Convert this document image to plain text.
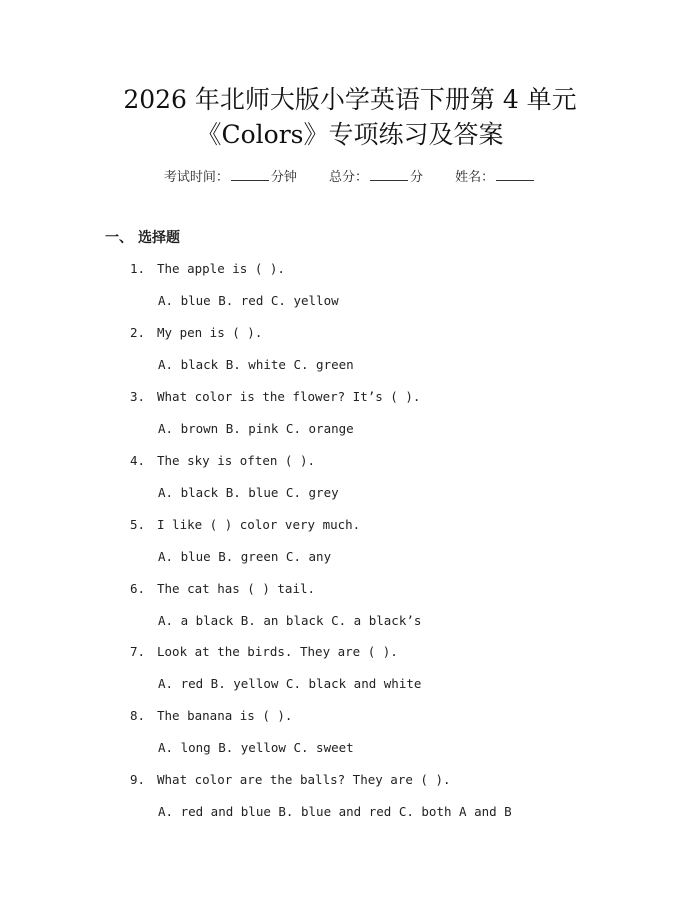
2026 年北师大版小学英语下册第 4 单元
《Colors》专项练习及答案
考试时间：	分钟 总分：	分 姓名：
一、 选择题
1. The apple is ( ).
A. blue B. red C. yellow
2. My pen is ( ).
A. black B. white C. green
3. What color is the flower? It’s ( ).
A. brown B. pink C. orange
4. The sky is often ( ).
A. black B. blue C. grey
5. I like ( ) color very much.
A. blue B. green C. any
6. The cat has ( ) tail.
A. a black B. an black C. a black’s
7. Look at the birds. They are ( ).
A. red B. yellow C. black and white
8. The banana is ( ).
A. long B. yellow C. sweet
9. What color are the balls? They are ( ).
A. red and blue B. blue and red C. both A and B
